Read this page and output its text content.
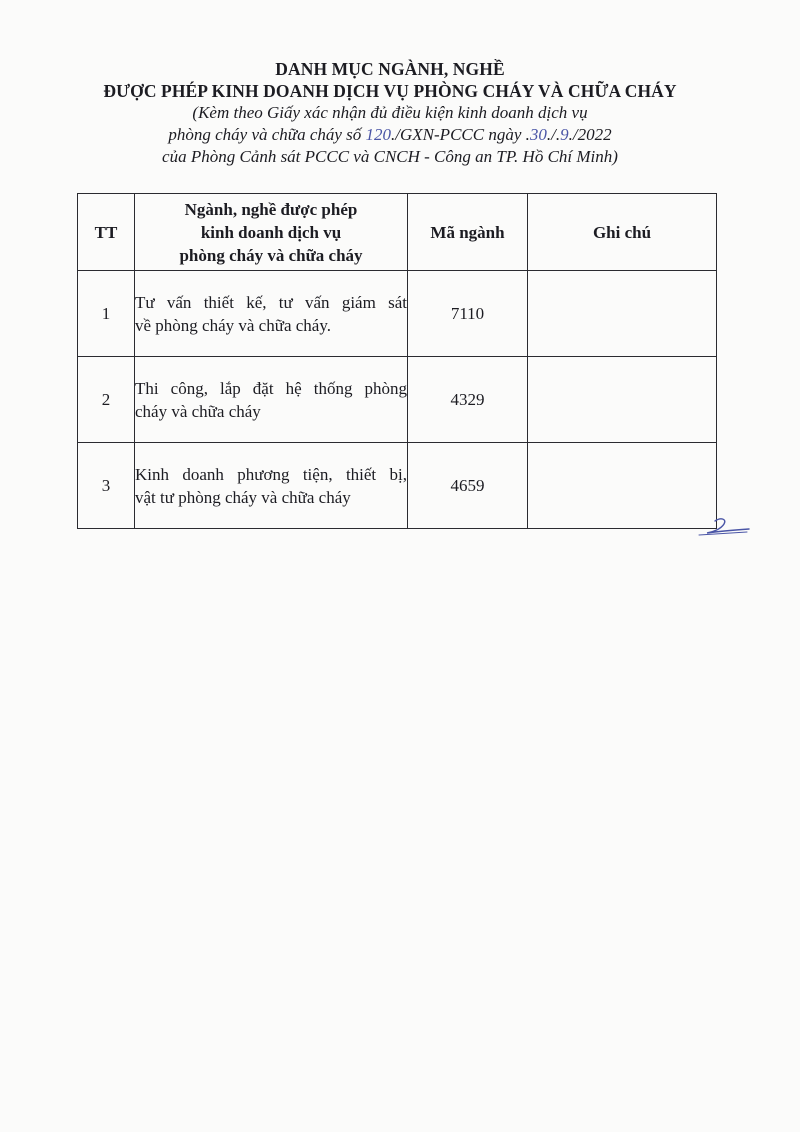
DANH MỤC NGÀNH, NGHỀ
ĐƯỢC PHÉP KINH DOANH DỊCH VỤ PHÒNG CHÁY VÀ CHỮA CHÁY
(Kèm theo Giấy xác nhận đủ điều kiện kinh doanh dịch vụ
phòng cháy và chữa cháy số 120./GXN-PCCC ngày .30./.9./2022
của Phòng Cảnh sát PCCC và CNCH - Công an TP. Hồ Chí Minh)
TT	Ngành, nghề được phép
kinh doanh dịch vụ
phòng cháy và chữa cháy	Mã ngành	Ghi chú
1	Tư vấn thiết kế, tư vấn giám sát
về phòng cháy và chữa cháy.	7110	
2	Thi công, lắp đặt hệ thống phòng
cháy và chữa cháy	4329	
3	Kinh doanh phương tiện, thiết bị,
vật tư phòng cháy và chữa cháy	4659	
